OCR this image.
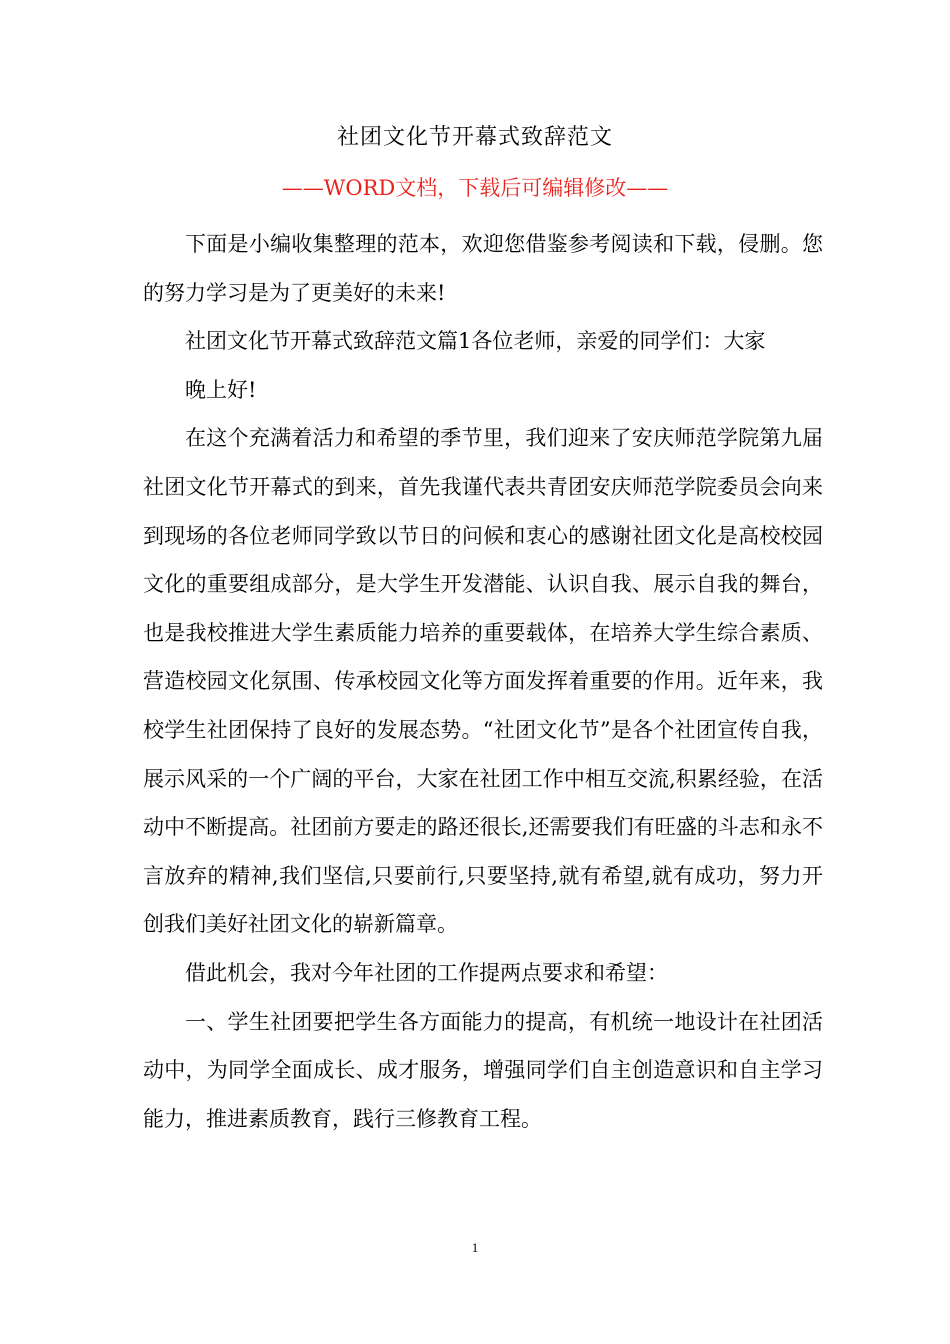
社团文化节开幕式致辞范文
——WORD文档，下载后可编辑修改——

下面是小编收集整理的范本，欢迎您借鉴参考阅读和下载，侵删。您的努力学习是为了更美好的未来!

社团文化节开幕式致辞范文篇1各位老师，亲爱的同学们：大家

晚上好!

在这个充满着活力和希望的季节里，我们迎来了安庆师范学院第九届社团文化节开幕式的到来，首先我谨代表共青团安庆师范学院委员会向来到现场的各位老师同学致以节日的问候和衷心的感谢社团文化是高校校园文化的重要组成部分，是大学生开发潜能、认识自我、展示自我的舞台，也是我校推进大学生素质能力培养的重要载体，在培养大学生综合素质、营造校园文化氛围、传承校园文化等方面发挥着重要的作用。近年来，我校学生社团保持了良好的发展态势。“社团文化节”是各个社团宣传自我，展示风采的一个广阔的平台，大家在社团工作中相互交流,积累经验，在活动中不断提高。社团前方要走的路还很长,还需要我们有旺盛的斗志和永不言放弃的精神,我们坚信,只要前行,只要坚持,就有希望,就有成功，努力开创我们美好社团文化的崭新篇章。

借此机会，我对今年社团的工作提两点要求和希望：

一、学生社团要把学生各方面能力的提高，有机统一地设计在社团活动中，为同学全面成长、成才服务，增强同学们自主创造意识和自主学习能力，推进素质教育，践行三修教育工程。

1
